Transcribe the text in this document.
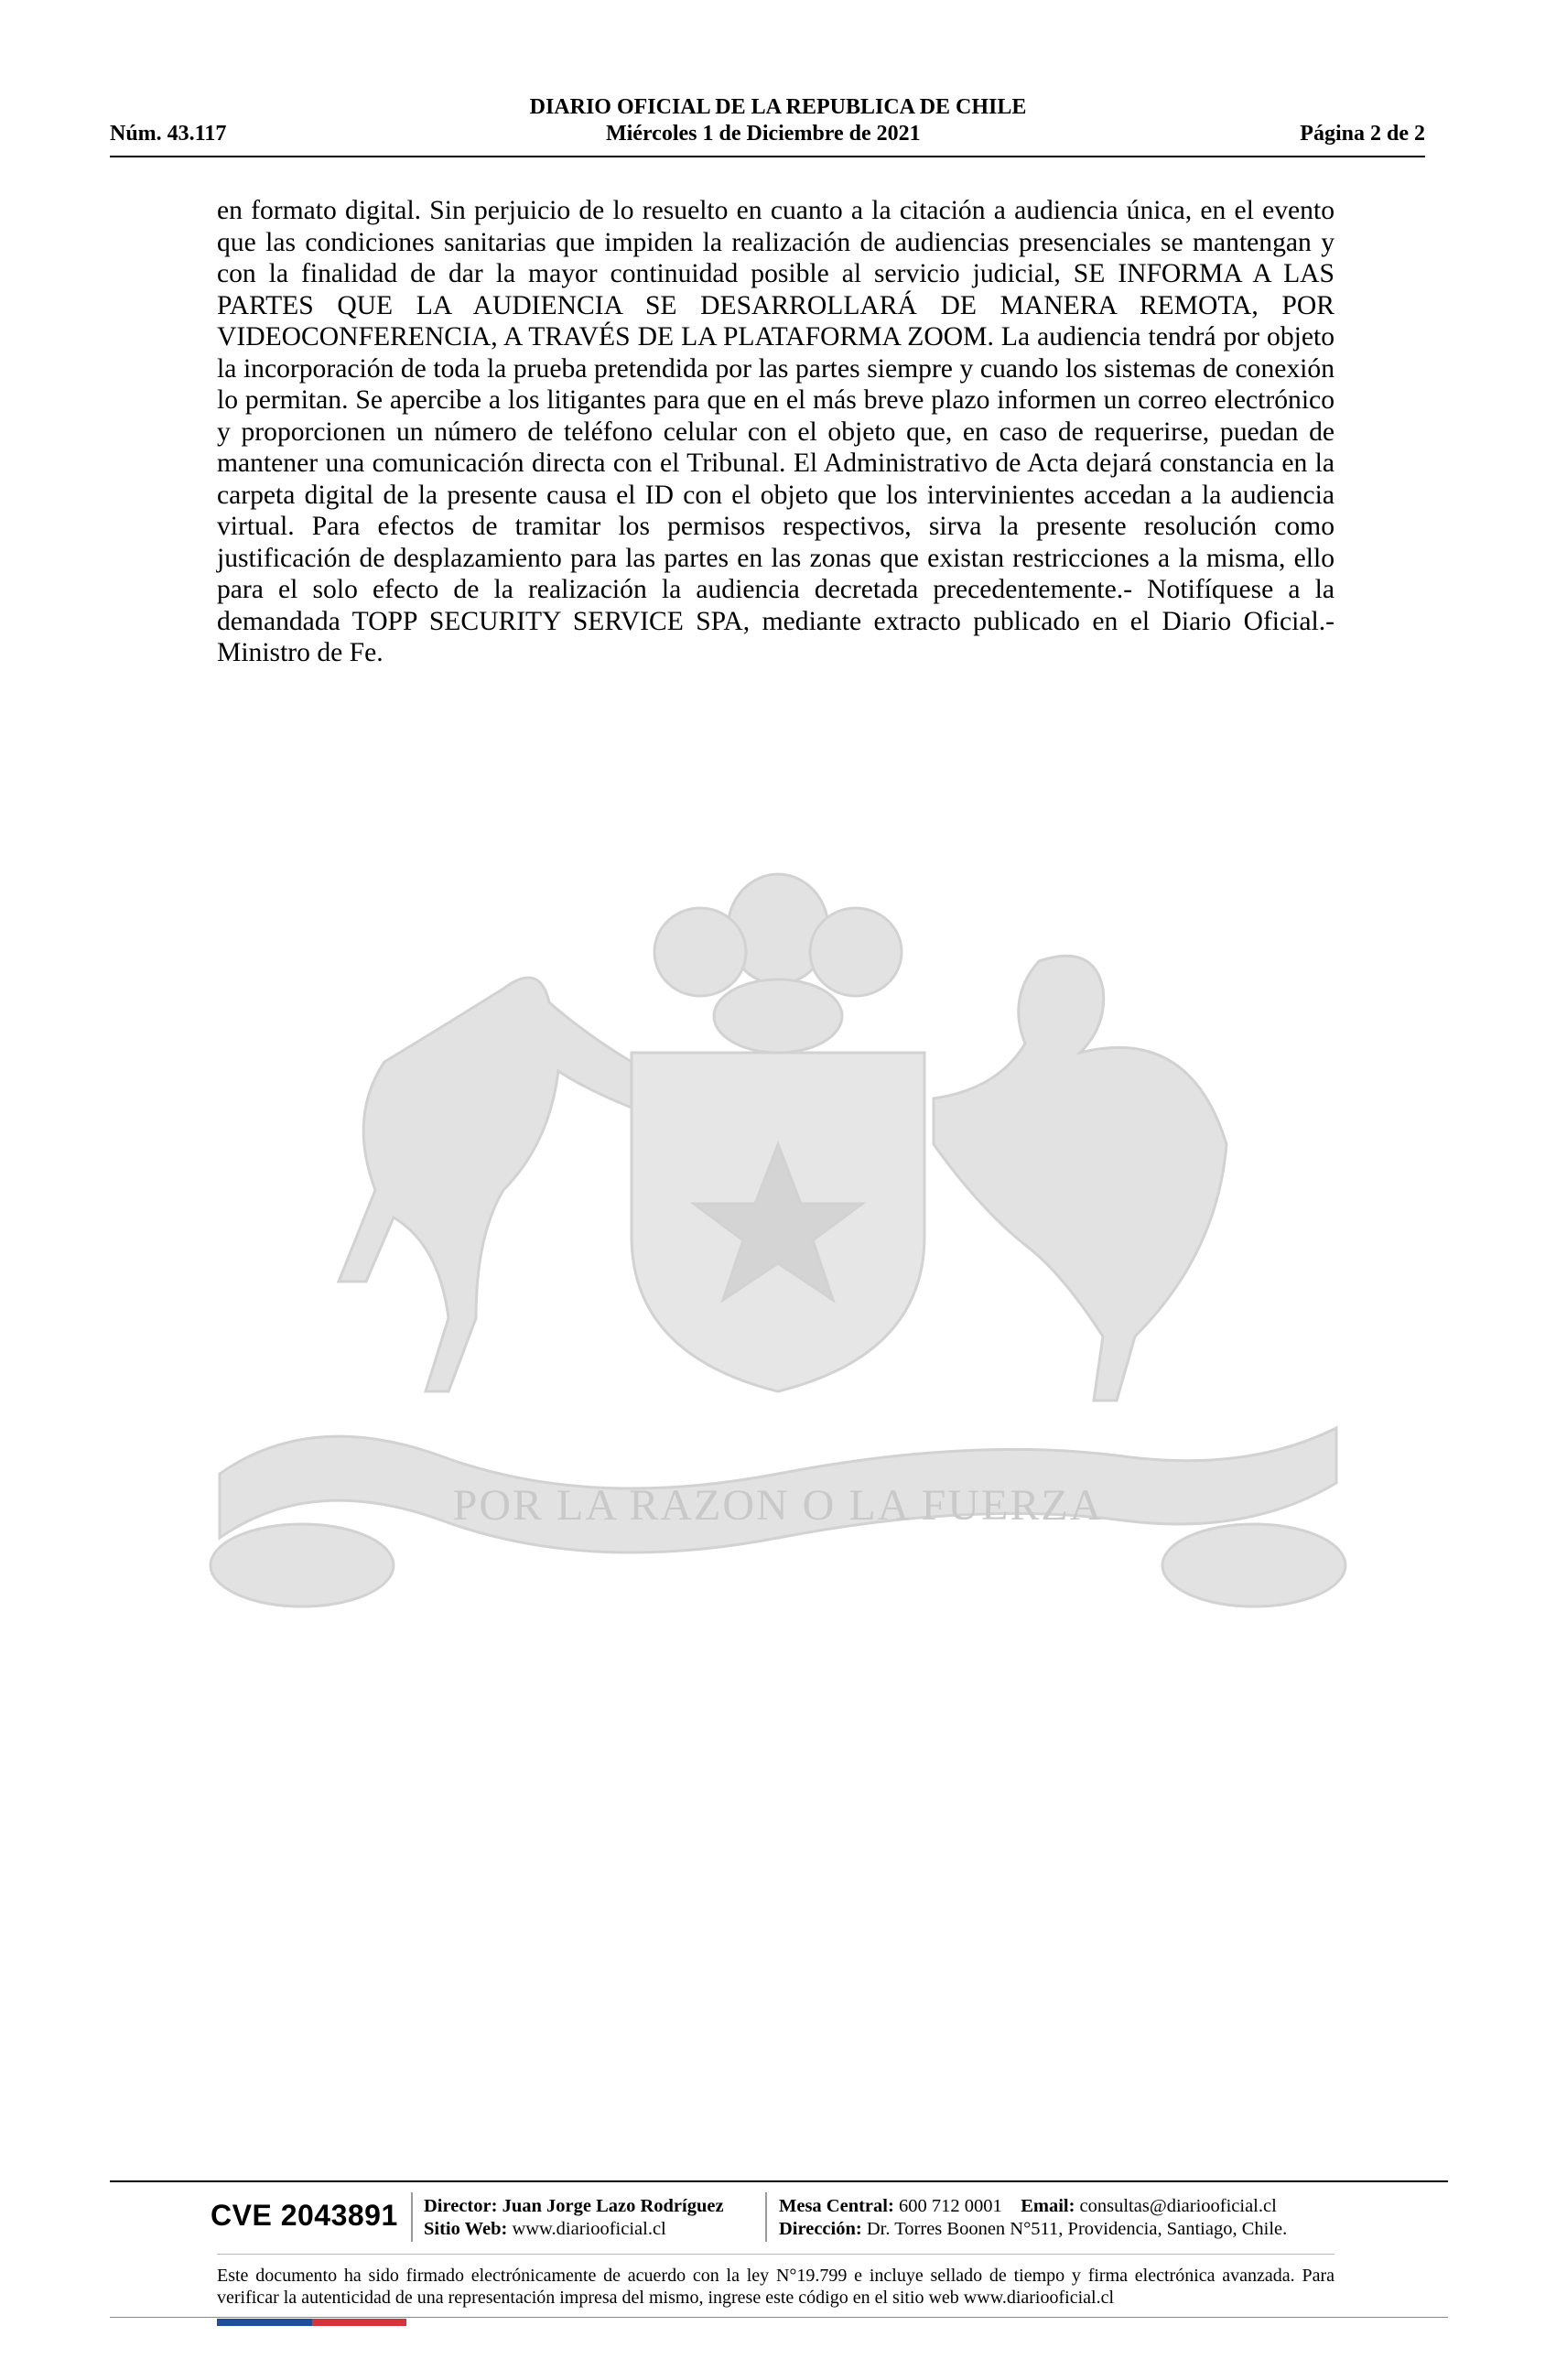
DIARIO OFICIAL DE LA REPUBLICA DE CHILE
Núm. 43.117	Miércoles 1 de Diciembre de 2021	Página 2 de 2

en formato digital. Sin perjuicio de lo resuelto en cuanto a la citación a audiencia única, en el evento que las condiciones sanitarias que impiden la realización de audiencias presenciales se mantengan y con la finalidad de dar la mayor continuidad posible al servicio judicial, SE INFORMA A LAS PARTES QUE LA AUDIENCIA SE DESARROLLARÁ DE MANERA REMOTA, POR VIDEOCONFERENCIA, A TRAVÉS DE LA PLATAFORMA ZOOM. La audiencia tendrá por objeto la incorporación de toda la prueba pretendida por las partes siempre y cuando los sistemas de conexión lo permitan. Se apercibe a los litigantes para que en el más breve plazo informen un correo electrónico y proporcionen un número de teléfono celular con el objeto que, en caso de requerirse, puedan de mantener una comunicación directa con el Tribunal. El Administrativo de Acta dejará constancia en la carpeta digital de la presente causa el ID con el objeto que los intervinientes accedan a la audiencia virtual. Para efectos de tramitar los permisos respectivos, sirva la presente resolución como justificación de desplazamiento para las partes en las zonas que existan restricciones a la misma, ello para el solo efecto de la realización la audiencia decretada precedentemente.- Notifíquese a la demandada TOPP SECURITY SERVICE SPA, mediante extracto publicado en el Diario Oficial.- Ministro de Fe.

POR LA RAZON O LA FUERZA
CVE 2043891 Director: Juan Jorge Lazo Rodríguez
Sitio Web: www.diariooficial.cl
Mesa Central: 600 712 0001 Email: consultas@diariooficial.cl
Dirección: Dr. Torres Boonen N°511, Providencia, Santiago, Chile.
Este documento ha sido firmado electrónicamente de acuerdo con la ley N°19.799 e incluye sellado de tiempo y firma electrónica avanzada. Para verificar la autenticidad de una representación impresa del mismo, ingrese este código en el sitio web www.diariooficial.cl
